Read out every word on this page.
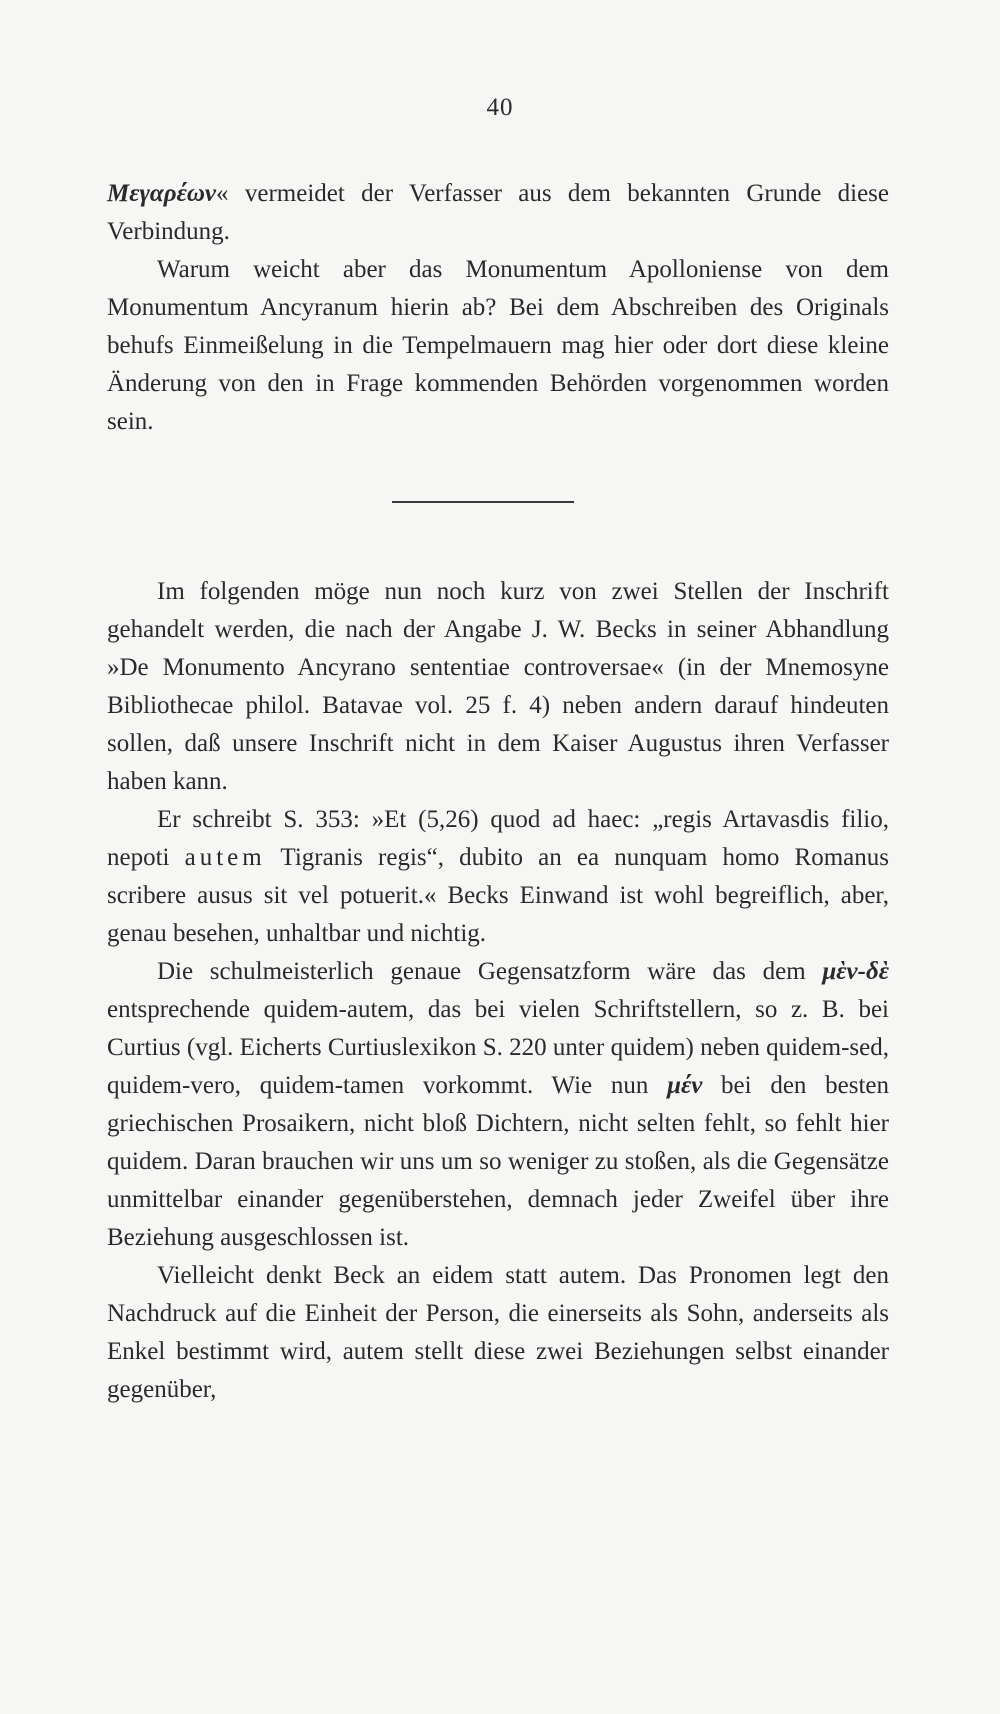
40

Μεγαρέων« vermeidet der Verfasser aus dem bekannten Grunde diese Verbindung.

Warum weicht aber das Monumentum Apolloniense von dem Monumentum Ancyranum hierin ab? Bei dem Abschreiben des Originals behufs Einmeißelung in die Tempelmauern mag hier oder dort diese kleine Änderung von den in Frage kommenden Behörden vorgenommen worden sein.

Im folgenden möge nun noch kurz von zwei Stellen der Inschrift gehandelt werden, die nach der Angabe J. W. Becks in seiner Abhandlung »De Monumento Ancyrano sententiae controversae« (in der Mnemosyne Bibliothecae philol. Batavae vol. 25 f. 4) neben andern darauf hindeuten sollen, daß unsere Inschrift nicht in dem Kaiser Augustus ihren Verfasser haben kann.

Er schreibt S. 353: »Et (5,26) quod ad haec: „regis Artavasdis filio, nepoti autem Tigranis regis“, dubito an ea nunquam homo Romanus scribere ausus sit vel potuerit.« Becks Einwand ist wohl begreiflich, aber, genau besehen, unhaltbar und nichtig.

Die schulmeisterlich genaue Gegensatzform wäre das dem μὲν-δὲ entsprechende quidem-autem, das bei vielen Schriftstellern, so z. B. bei Curtius (vgl. Eicherts Curtiuslexikon S. 220 unter quidem) neben quidem-sed, quidem-vero, quidem-tamen vorkommt. Wie nun μέν bei den besten griechischen Prosaikern, nicht bloß Dichtern, nicht selten fehlt, so fehlt hier quidem. Daran brauchen wir uns um so weniger zu stoßen, als die Gegensätze unmittelbar einander gegenüberstehen, demnach jeder Zweifel über ihre Beziehung ausgeschlossen ist.

Vielleicht denkt Beck an eidem statt autem. Das Pronomen legt den Nachdruck auf die Einheit der Person, die einerseits als Sohn, anderseits als Enkel bestimmt wird, autem stellt diese zwei Beziehungen selbst einander gegenüber,
